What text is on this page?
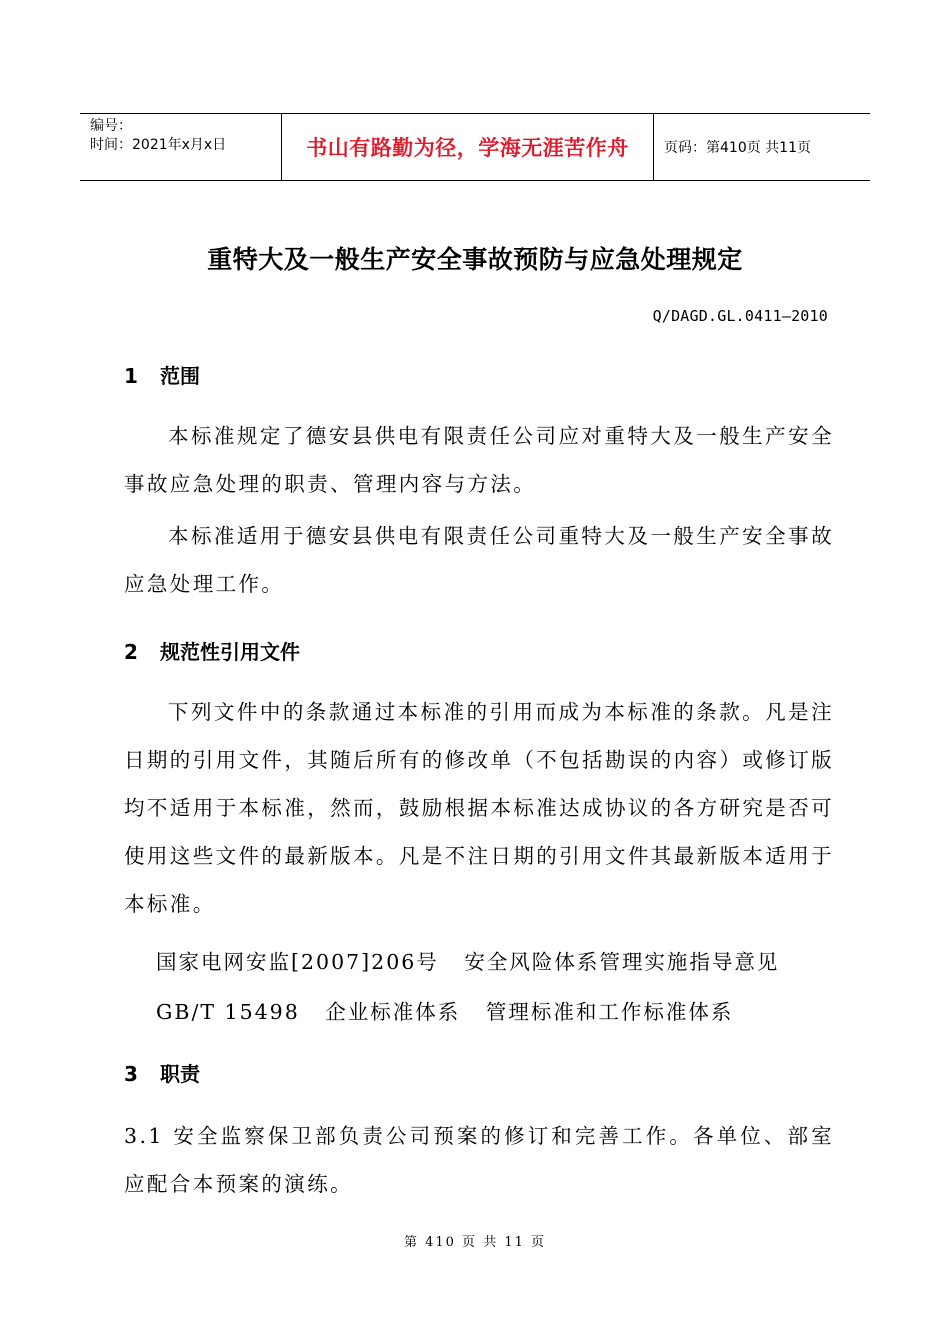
编号：
时间：2021年x月x日	书山有路勤为径，学海无涯苦作舟	页码：第410页 共11页
重特大及一般生产安全事故预防与应急处理规定
Q/DAGD.GL.0411—2010
1 范围
本标准规定了德安县供电有限责任公司应对重特大及一般生产安全事故应急处理的职责、管理内容与方法。
本标准适用于德安县供电有限责任公司重特大及一般生产安全事故应急处理工作。
2 规范性引用文件
下列文件中的条款通过本标准的引用而成为本标准的条款。凡是注日期的引用文件，其随后所有的修改单（不包括勘误的内容）或修订版均不适用于本标准，然而，鼓励根据本标准达成协议的各方研究是否可使用这些文件的最新版本。凡是不注日期的引用文件其最新版本适用于本标准。
国家电网安监[2007]206号   安全风险体系管理实施指导意见
GB/T 15498   企业标准体系   管理标准和工作标准体系
3 职责
3.1 安全监察保卫部负责公司预案的修订和完善工作。各单位、部室应配合本预案的演练。
第 410 页 共 11 页
